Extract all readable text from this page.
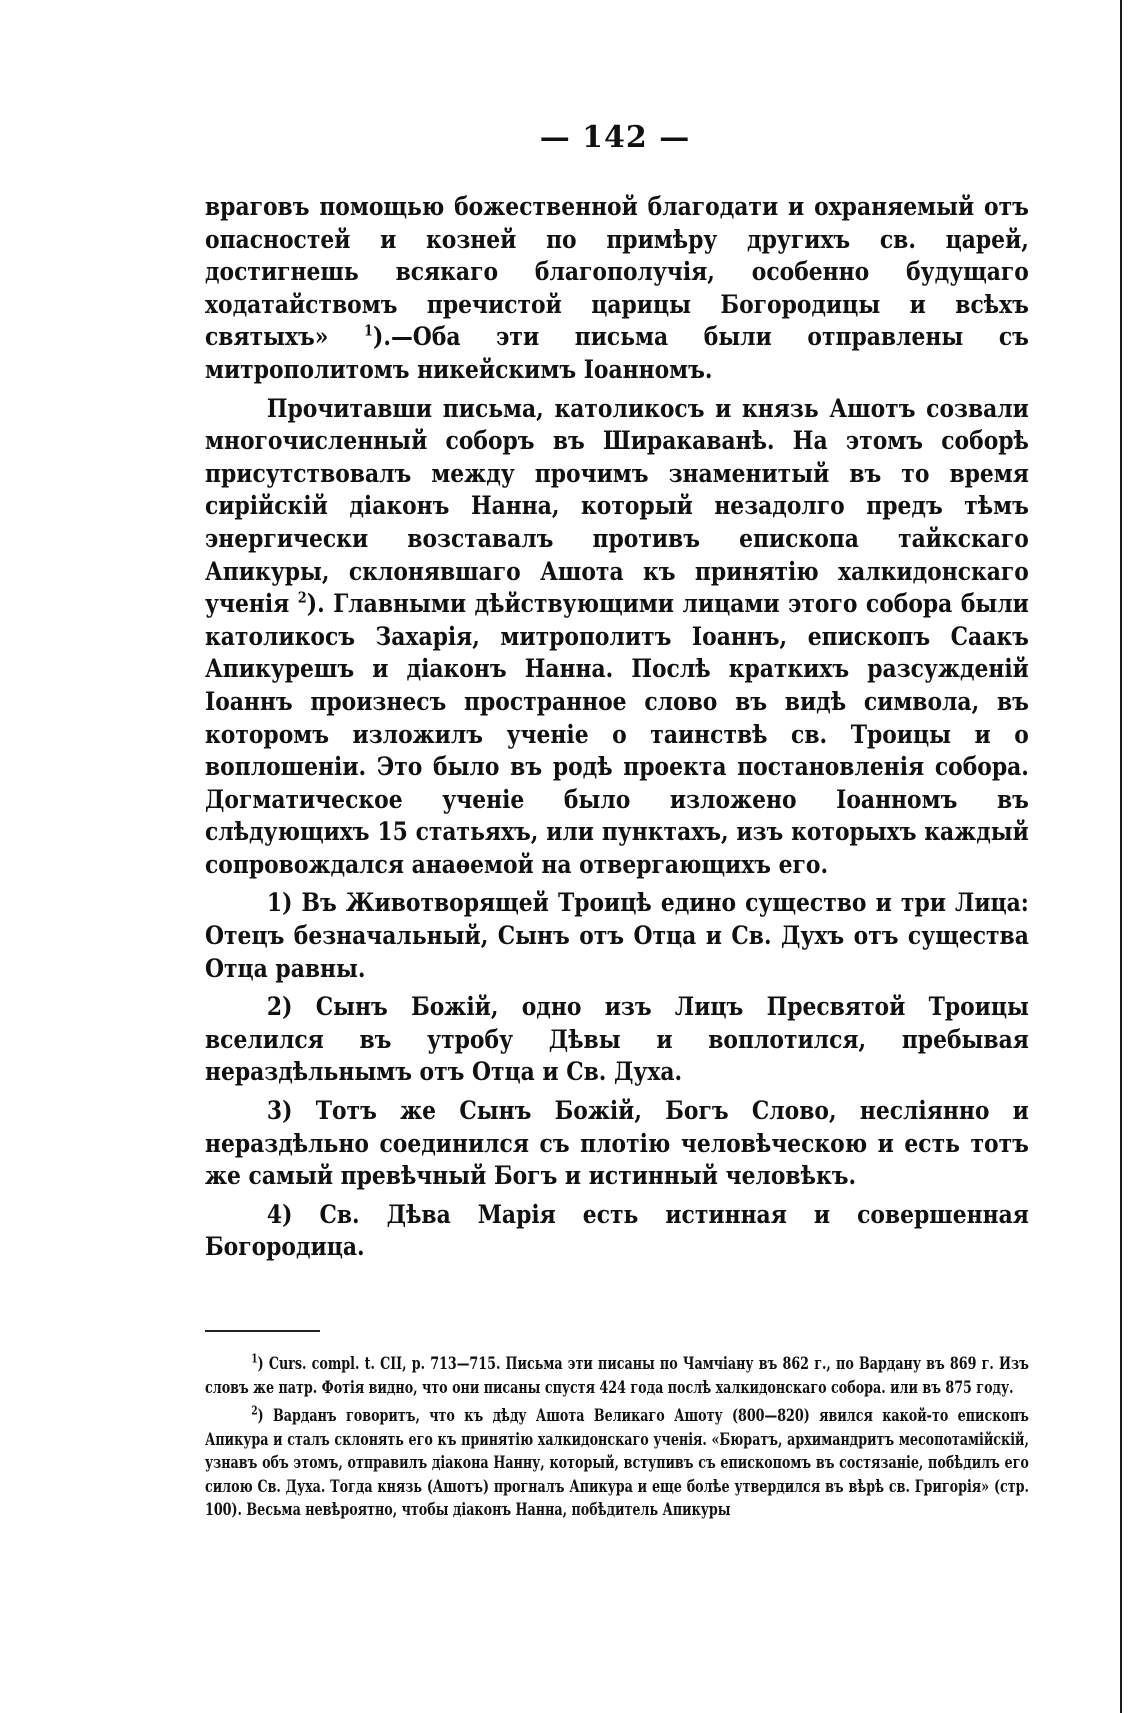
— 142 —

враговъ помощью божественной благодати и охраняемый отъ опасностей и козней по примѣру другихъ св. царей, достигнешь всякаго благополучія, особенно будущаго ходатайствомъ пречистой царицы Богородицы и всѣхъ святыхъ» $^1$).—Оба эти письма были отправлены съ митрополитомъ никейскимъ Іоанномъ.

Прочитавши письма, католикосъ и князь Ашотъ созвали многочисленный соборъ въ Ширакаванѣ. На этомъ соборѣ присутствовалъ между прочимъ знаменитый въ то время сирійскій діаконъ Нанна, который незадолго предъ тѣмъ энергически возставалъ противъ епископа тайкскаго Апикуры, склонявшаго Ашота къ принятію халкидонскаго ученія $^2$). Главными дѣйствующими лицами этого собора были католикосъ Захарія, митрополитъ Іоаннъ, епископъ Саакъ Апикурешъ и діаконъ Нанна. Послѣ краткихъ разсужденій Іоаннъ произнесъ пространное слово въ видѣ символа, въ которомъ изложилъ ученіе о таинствѣ св. Троицы и о воплошеніи. Это было въ родѣ проекта постановленія собора. Догматическое ученіе было изложено Іоанномъ въ слѣдующихъ 15 статьяхъ, или пунктахъ, изъ которыхъ каждый сопровождался анаѳемой на отвергающихъ его.

1) Въ Животворящей Троицѣ едино существо и три Лица: Отецъ безначальный, Сынъ отъ Отца и Св. Духъ отъ существа Отца равны.

2) Сынъ Божій, одно изъ Лицъ Пресвятой Троицы вселился въ утробу Дѣвы и воплотился, пребывая нераздѣльнымъ отъ Отца и Св. Духа.

3) Тотъ же Сынъ Божій, Богъ Слово, несліянно и нераздѣльно соединился съ плотію человѣческою и есть тотъ же самый превѣчный Богъ и истинный человѣкъ.

4) Св. Дѣва Марія есть истинная и совершенная Богородица.

$^1$) Curs. compl. t. CII, p. 713—715. Письма эти писаны по Чамчіану въ 862 г., по Вардану въ 869 г. Изъ словъ же патр. Фотія видно, что они писаны спустя 424 года послѣ халкидонскаго собора. или въ 875 году.

$^2$) Варданъ говоритъ, что къ дѣду Ашота Великаго Ашоту (800—820) явился какой-то епископъ Апикура и сталъ склонять его къ принятію халкидонскаго ученія. «Бюратъ, архимандритъ месопотамійскій, узнавъ объ этомъ, отправилъ діакона Нанну, который, вступивъ съ епископомъ въ состязаніе, побѣдилъ его силою Св. Духа. Тогда князь (Ашотъ) прогналъ Апикура и еще болѣе утвердился въ вѣрѣ св. Григорія» (стр. 100). Весьма невѣроятно, чтобы діаконъ Нанна, побѣдитель Апикуры
